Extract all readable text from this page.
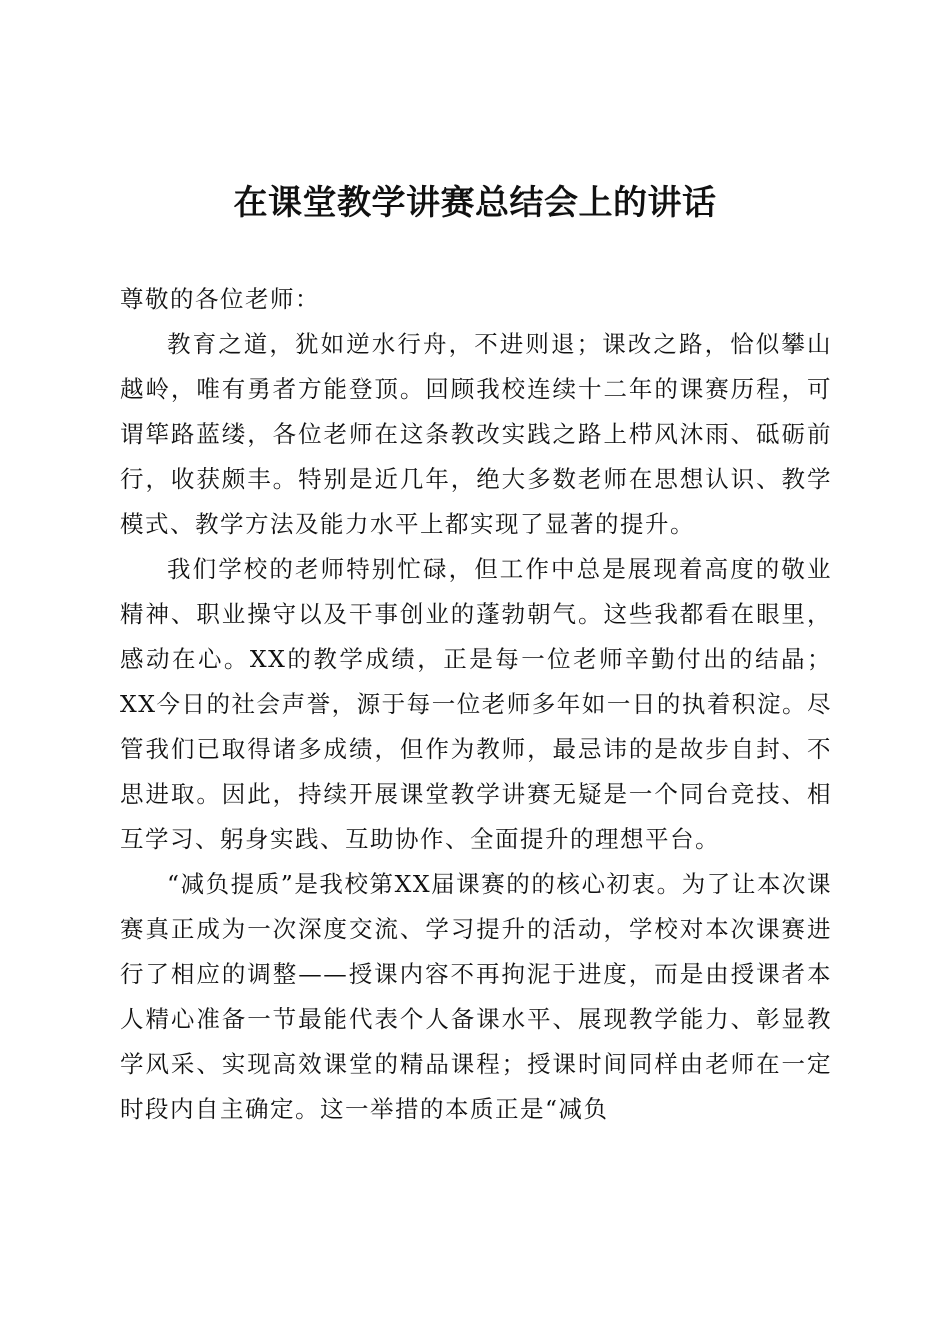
在课堂教学讲赛总结会上的讲话

尊敬的各位老师：

教育之道，犹如逆水行舟，不进则退；课改之路，恰似攀山越岭，唯有勇者方能登顶。回顾我校连续十二年的课赛历程，可谓筚路蓝缕，各位老师在这条教改实践之路上栉风沐雨、砥砺前行，收获颇丰。特别是近几年，绝大多数老师在思想认识、教学模式、教学方法及能力水平上都实现了显著的提升。

我们学校的老师特别忙碌，但工作中总是展现着高度的敬业精神、职业操守以及干事创业的蓬勃朝气。这些我都看在眼里，感动在心。XX的教学成绩，正是每一位老师辛勤付出的结晶；XX今日的社会声誉，源于每一位老师多年如一日的执着积淀。尽管我们已取得诸多成绩，但作为教师，最忌讳的是故步自封、不思进取。因此，持续开展课堂教学讲赛无疑是一个同台竞技、相互学习、躬身实践、互助协作、全面提升的理想平台。

“减负提质”是我校第XX届课赛的的核心初衷。为了让本次课赛真正成为一次深度交流、学习提升的活动，学校对本次课赛进行了相应的调整——授课内容不再拘泥于进度，而是由授课者本人精心准备一节最能代表个人备课水平、展现教学能力、彰显教学风采、实现高效课堂的精品课程；授课时间同样由老师在一定时段内自主确定。这一举措的本质正是“减负
